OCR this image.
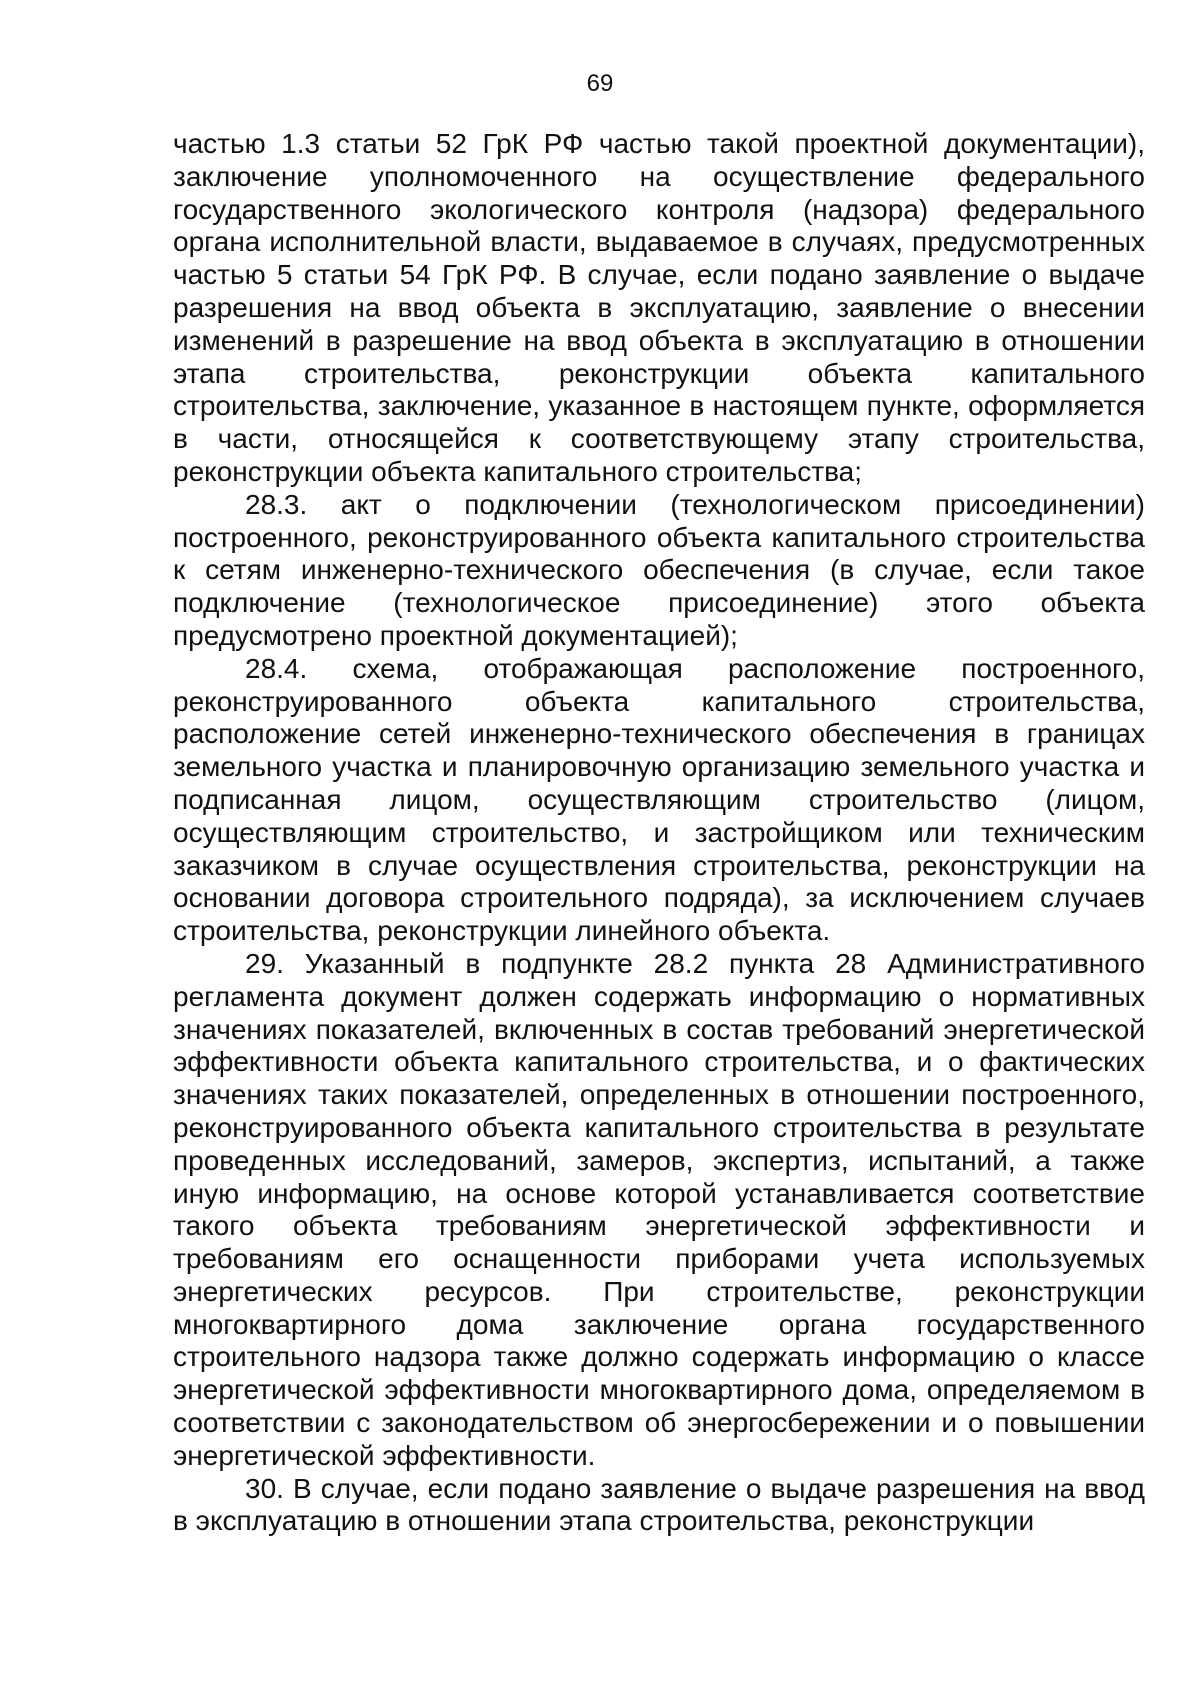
69

частью 1.3 статьи 52 ГрК РФ частью такой проектной документации), заключение уполномоченного на осуществление федерального государственного экологического контроля (надзора) федерального органа исполнительной власти, выдаваемое в случаях, предусмотренных частью 5 статьи 54 ГрК РФ. В случае, если подано заявление о выдаче разрешения на ввод объекта в эксплуатацию, заявление о внесении изменений в разрешение на ввод объекта в эксплуатацию в отношении этапа строительства, реконструкции объекта капитального строительства, заключение, указанное в настоящем пункте, оформляется в части, относящейся к соответствующему этапу строительства, реконструкции объекта капитального строительства;

28.3. акт о подключении (технологическом присоединении) построенного, реконструированного объекта капитального строительства к сетям инженерно-технического обеспечения (в случае, если такое подключение (технологическое присоединение) этого объекта предусмотрено проектной документацией);

28.4. схема, отображающая расположение построенного, реконструированного объекта капитального строительства, расположение сетей инженерно-технического обеспечения в границах земельного участка и планировочную организацию земельного участка и подписанная лицом, осуществляющим строительство (лицом, осуществляющим строительство, и застройщиком или техническим заказчиком в случае осуществления строительства, реконструкции на основании договора строительного подряда), за исключением случаев строительства, реконструкции линейного объекта.

29. Указанный в подпункте 28.2 пункта 28 Административного регламента документ должен содержать информацию о нормативных значениях показателей, включенных в состав требований энергетической эффективности объекта капитального строительства, и о фактических значениях таких показателей, определенных в отношении построенного, реконструированного объекта капитального строительства в результате проведенных исследований, замеров, экспертиз, испытаний, а также иную информацию, на основе которой устанавливается соответствие такого объекта требованиям энергетической эффективности и требованиям его оснащенности приборами учета используемых энергетических ресурсов. При строительстве, реконструкции многоквартирного дома заключение органа государственного строительного надзора также должно содержать информацию о классе энергетической эффективности многоквартирного дома, определяемом в соответствии с законодательством об энергосбережении и о повышении энергетической эффективности.

30. В случае, если подано заявление о выдаче разрешения на ввод в эксплуатацию в отношении этапа строительства, реконструкции
